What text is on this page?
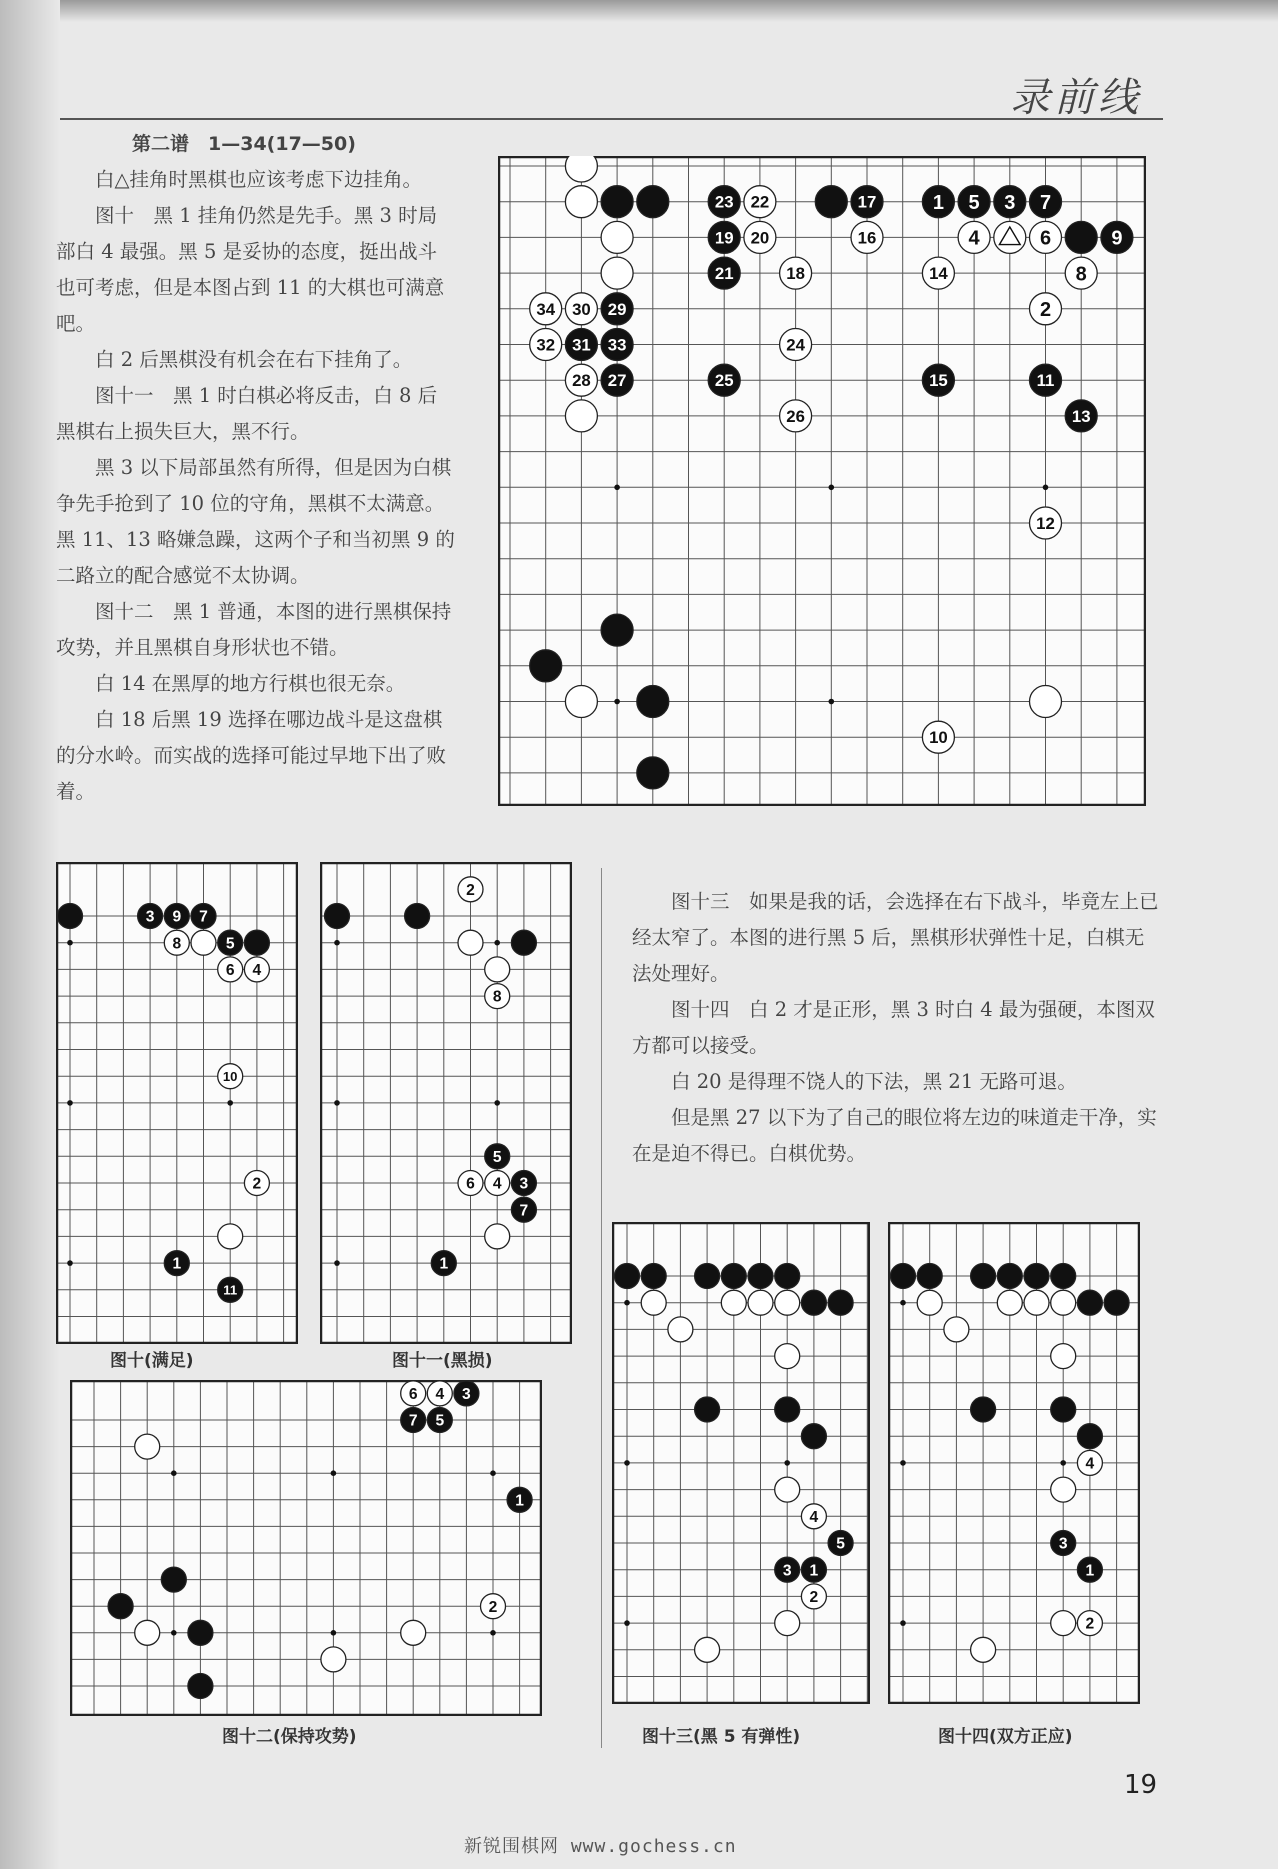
录前线

第二谱　1—34(17—50)

白△挂角时黑棋也应该考虑下边挂角。

图十　黑 1 挂角仍然是先手。黑 3 时局部白 4 最强。黑 5 是妥协的态度，挺出战斗也可考虑，但是本图占到 11 的大棋也可满意吧。

白 2 后黑棋没有机会在右下挂角了。

图十一　黑 1 时白棋必将反击，白 8 后黑棋右上损失巨大，黑不行。

黑 3 以下局部虽然有所得，但是因为白棋争先手抢到了 10 位的守角，黑棋不太满意。黑 11、13 略嫌急躁，这两个子和当初黑 9 的二路立的配合感觉不太协调。

图十二　黑 1 普通，本图的进行黑棋保持攻势，并且黑棋自身形状也不错。

白 14 在黑厚的地方行棋也很无奈。

白 18 后黑 19 选择在哪边战斗是这盘棋的分水岭。而实战的选择可能过早地下出了败着。

23 22	17	1 5 3 7
19 20	16	4	6	9
21	18	14	8
34 30 29	2
32 31 33	24
28 27	25	15	11
26	13
12
10
3 9 7
8	5
6 4
10
2
1
11
图十(满足)
2
8
5
6 4 3
7
1
图十一(黑损)
6 4 3
7 5
1
2
图十二(保持攻势)

图十三　如果是我的话，会选择在右下战斗，毕竟左上已经太窄了。本图的进行黑 5 后，黑棋形状弹性十足，白棋无法处理好。

图十四　白 2 才是正形，黑 3 时白 4 最为强硬，本图双方都可以接受。

白 20 是得理不饶人的下法，黑 21 无路可退。

但是黑 27 以下为了自己的眼位将左边的味道走干净，实在是迫不得已。白棋优势。

4
5
3 1
2
图十三(黑 5 有弹性)
4
3
1
2
图十四(双方正应)
19
新锐围棋网 www.gochess.cn
